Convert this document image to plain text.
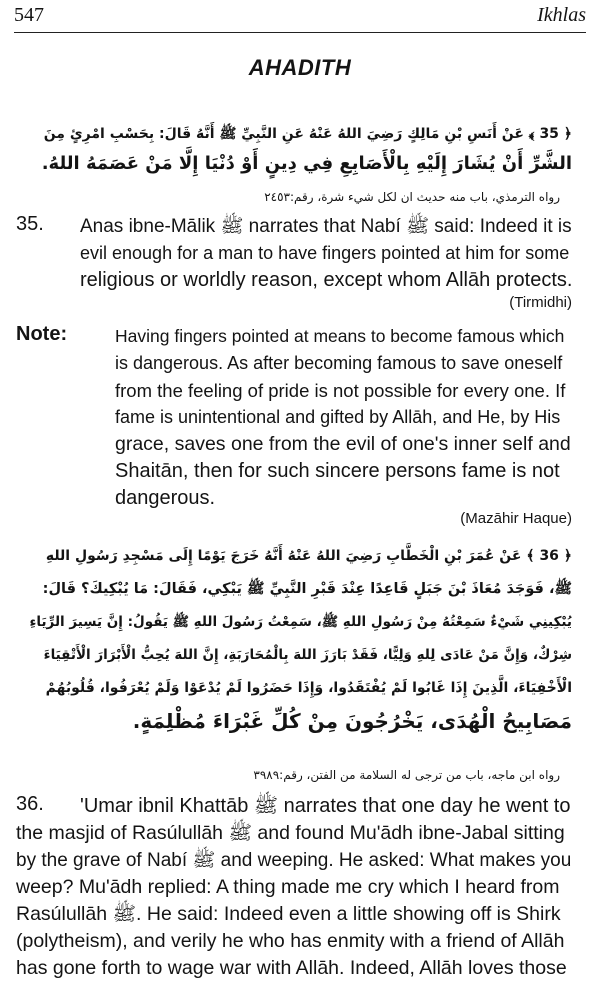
547	Ikhlas
AHADITH
﴿ 35 ﴾ عَنْ أَنَسِ بْنِ مَالِكٍ رَضِيَ اللهُ عَنْهُ عَنِ النَّبِيِّ ﷺ أَنَّهُ قَالَ: بِحَسْبِ امْرِئٍ مِنَ
الشَّرِّ أَنْ يُشَارَ إِلَيْهِ بِالْأَصَابِعِ فِي دِينٍ أَوْ دُنْيَا إِلَّا مَنْ عَصَمَهُ اللهُ.
رواه الترمذي، باب منه حديث ان لكل شيء شرة، رقم:٢٤٥٣
35. Anas ibne-Mālik ﷺ narrates that Nabí ﷺ said: Indeed it is
evil enough for a man to have fingers pointed at him for some
religious or worldly reason, except whom Allāh protects.
(Tirmidhi)
Note:	Having fingers pointed at means to become famous which
is dangerous. As after becoming famous to save oneself
from the feeling of pride is not possible for every one. If
fame is unintentional and gifted by Allāh, and He, by His
grace, saves one from the evil of one's inner self and
Shaitān, then for such sincere persons fame is not
dangerous.
(Mazāhir Haque)
﴿ 36 ﴾ عَنْ عُمَرَ بْنِ الْخَطَّابِ رَضِيَ اللهُ عَنْهُ أَنَّهُ خَرَجَ يَوْمًا إِلَى مَسْجِدِ رَسُولِ اللهِ
ﷺ، فَوَجَدَ مُعَاذَ بْنَ جَبَلٍ قَاعِدًا عِنْدَ قَبْرِ النَّبِيِّ ﷺ يَبْكِي، فَقَالَ: مَا يُبْكِيكَ؟ قَالَ:
يُبْكِينِي شَيْءٌ سَمِعْتُهُ مِنْ رَسُولِ اللهِ ﷺ، سَمِعْتُ رَسُولَ اللهِ ﷺ يَقُولُ: إِنَّ يَسِيرَ الرِّيَاءِ
شِرْكٌ، وَإِنَّ مَنْ عَادَى لِلهِ وَلِيًّا، فَقَدْ بَارَزَ اللهَ بِالْمُحَارَبَةِ، إِنَّ اللهَ يُحِبُّ الْأَبْرَارَ الْأَتْقِيَاءَ
الْأَخْفِيَاءَ، الَّذِينَ إِذَا غَابُوا لَمْ يُفْتَقَدُوا، وَإِذَا حَضَرُوا لَمْ يُدْعَوْا وَلَمْ يُعْرَفُوا، قُلُوبُهُمْ
مَصَابِيحُ الْهُدَى، يَخْرُجُونَ مِنْ كُلِّ غَبْرَاءَ مُظْلِمَةٍ.
رواه ابن ماجه، باب من ترجى له السلامة من الفتن، رقم:٣٩٨٩
36. 'Umar ibnil Khattāb ﷺ narrates that one day he went to
the masjid of Rasúlullāh ﷺ and found Mu'ādh ibne-Jabal sitting
by the grave of Nabí ﷺ and weeping. He asked: What makes you
weep? Mu'ādh replied: A thing made me cry which I heard from
Rasúlullāh ﷺ. He said: Indeed even a little showing off is Shirk
(polytheism), and verily he who has enmity with a friend of Allāh
has gone forth to wage war with Allāh. Indeed, Allāh loves those
